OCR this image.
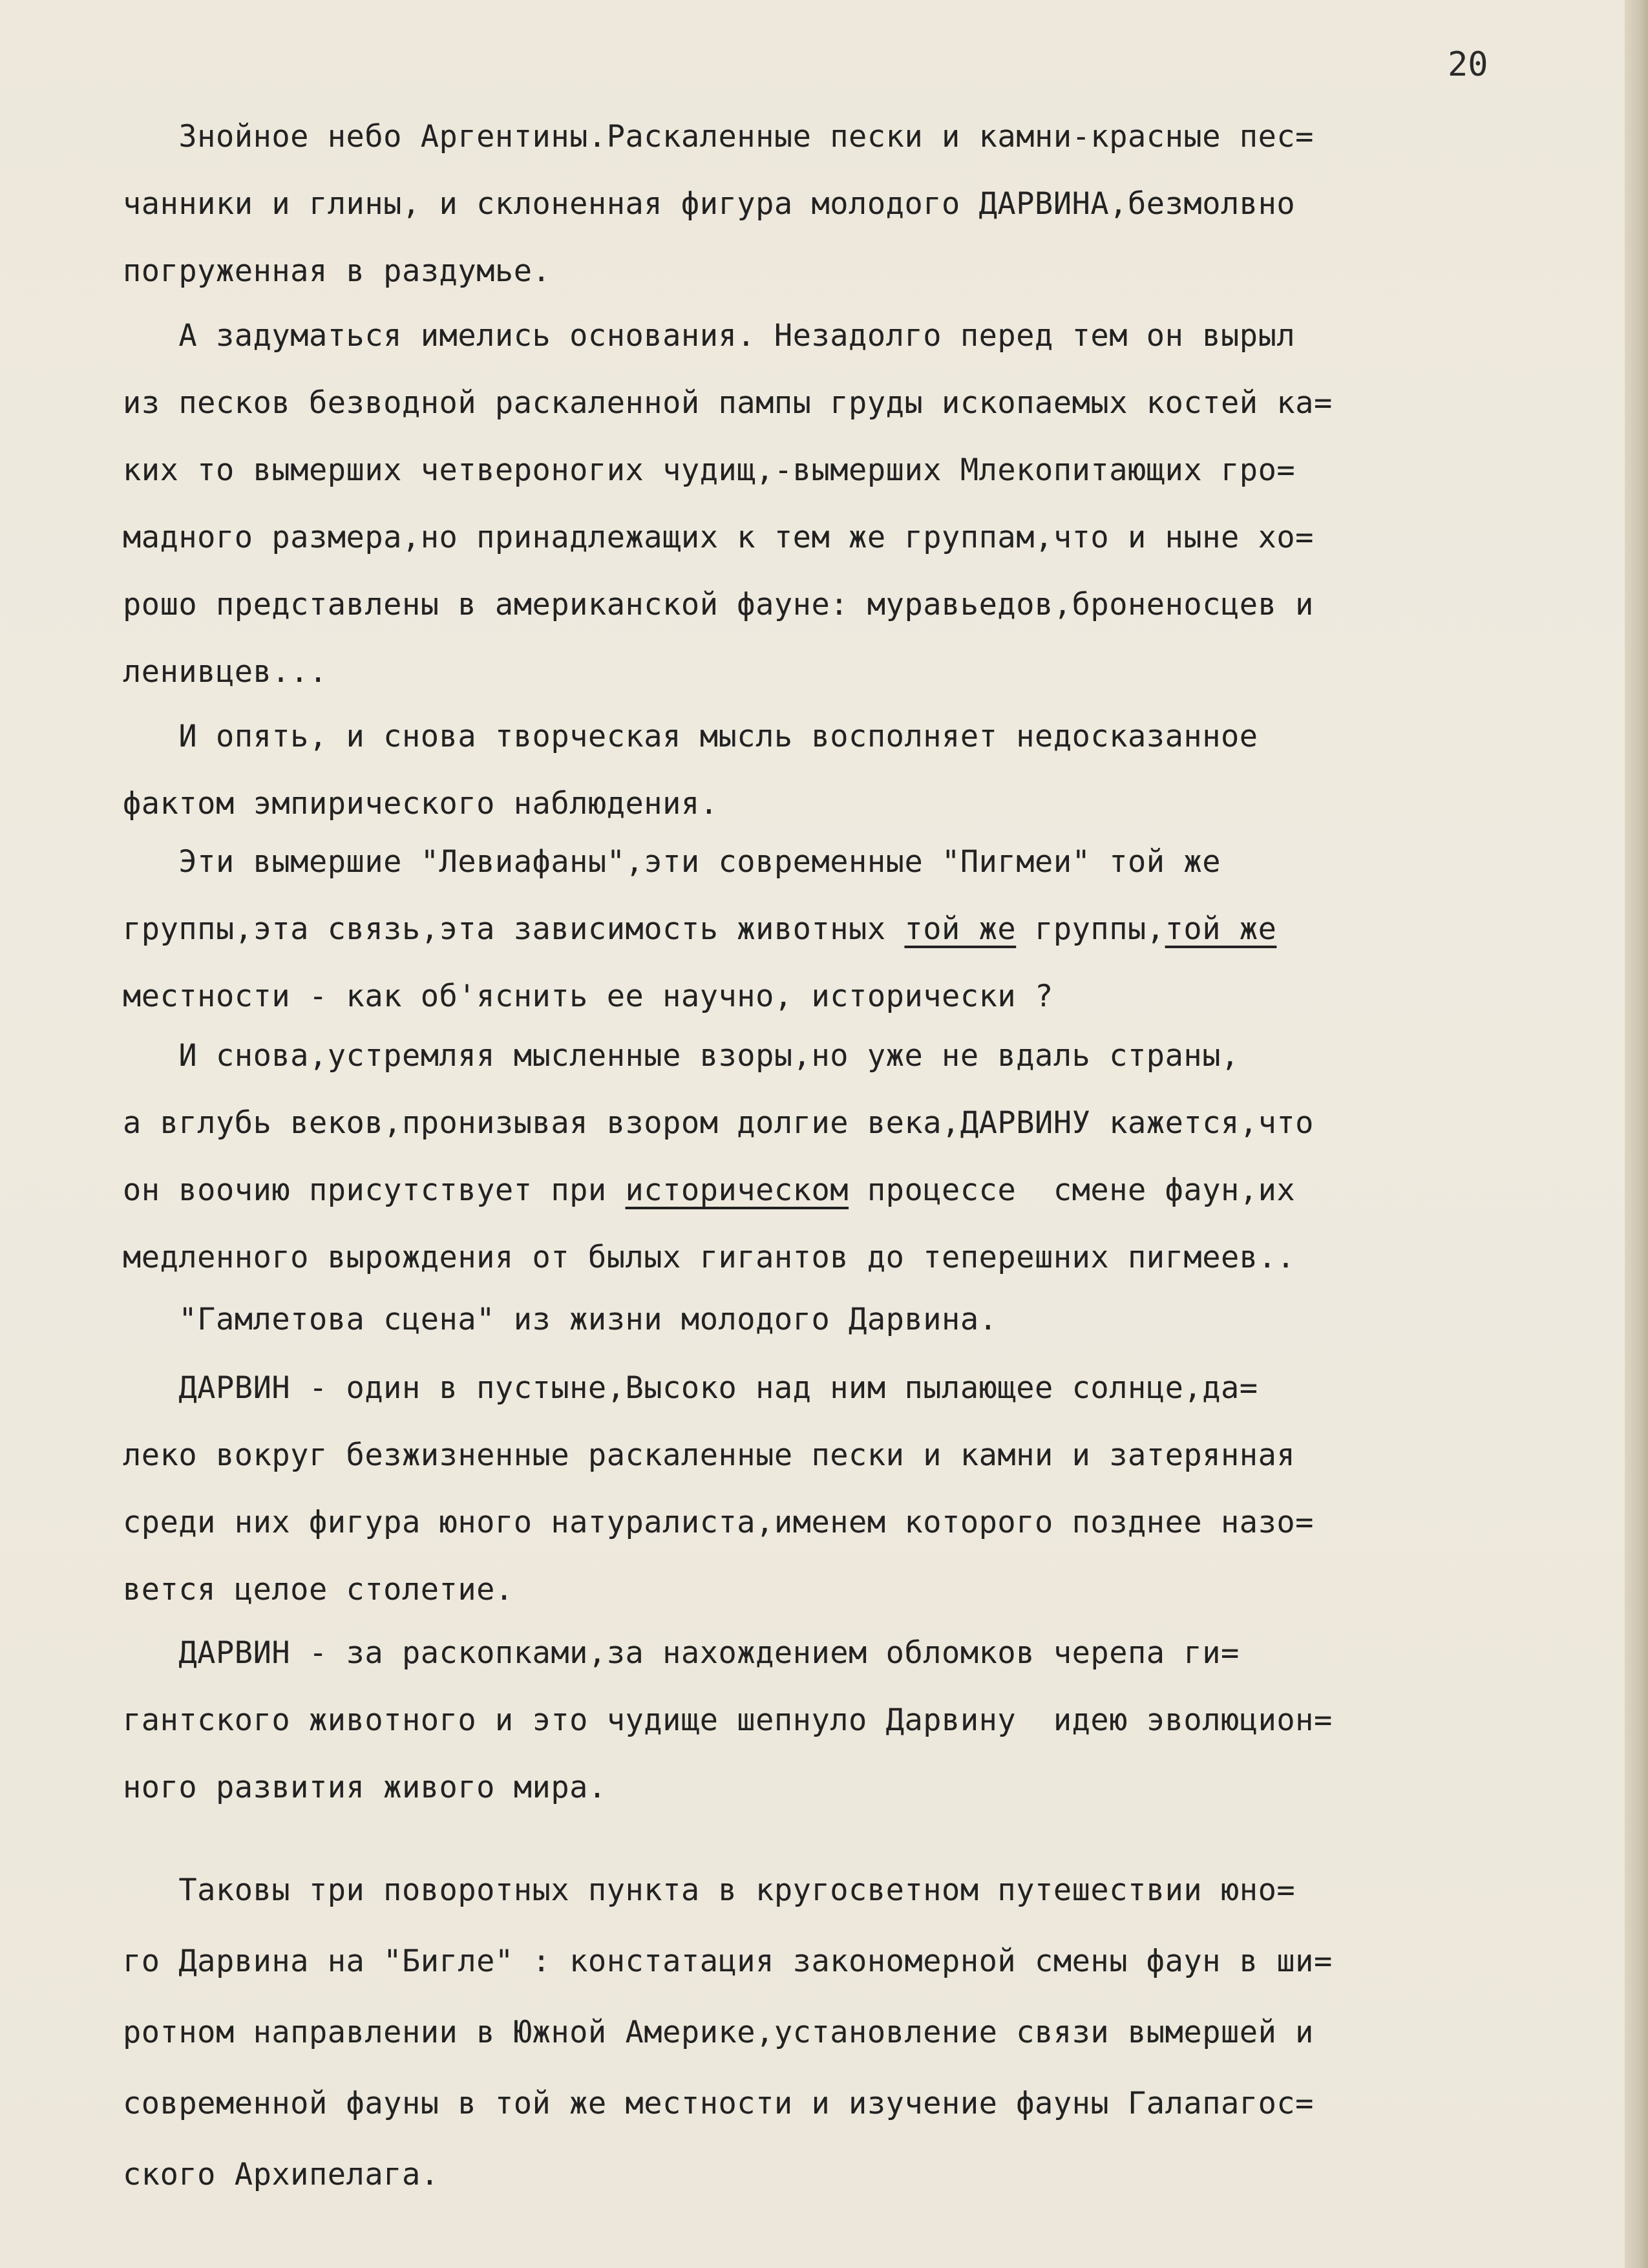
20

Знойное небо Аргентины.Раскаленные пески и камни-красные пес=
чанники и глины, и склоненная фигура молодого ДАРВИНА,безмолвно
погруженная в раздумье.

А задуматься имелись основания. Незадолго перед тем он вырыл
из песков безводной раскаленной пампы груды ископаемых костей ка=
ких то вымерших четвероногих чудищ,-вымерших Млекопитающих гро=
мадного размера,но принадлежащих к тем же группам,что и ныне хо=
рошо представлены в американской фауне: муравьедов,броненосцев и
ленивцев...

И опять, и снова творческая мысль восполняет недосказанное
фактом эмпирического наблюдения.

Эти вымершие "Левиафаны",эти современные "Пигмеи" той же
группы,эта связь,эта зависимость животных той же группы,той же
местности - как об'яснить ее научно, исторически ?

И снова,устремляя мысленные взоры,но уже не вдаль страны,
а вглубь веков,пронизывая взором долгие века,ДАРВИНУ кажется,что
он воочию присутствует при историческом процессе  смене фаун,их
медленного вырождения от былых гигантов до теперешних пигмеев..

"Гамлетова сцена" из жизни молодого Дарвина.

ДАРВИН - один в пустыне,Высоко над ним пылающее солнце,да=
леко вокруг безжизненные раскаленные пески и камни и затерянная
среди них фигура юного натуралиста,именем которого позднее назо=
вется целое столетие.

ДАРВИН - за раскопками,за нахождением обломков черепа ги=
гантского животного и это чудище шепнуло Дарвину  идею эволюцион=
ного развития живого мира.

Таковы три поворотных пункта в кругосветном путешествии юно=
го Дарвина на "Бигле" : констатация закономерной смены фаун в ши=
ротном направлении в Южной Америке,установление связи вымершей и
современной фауны в той же местности и изучение фауны Галапагос=
ского Архипелага.
